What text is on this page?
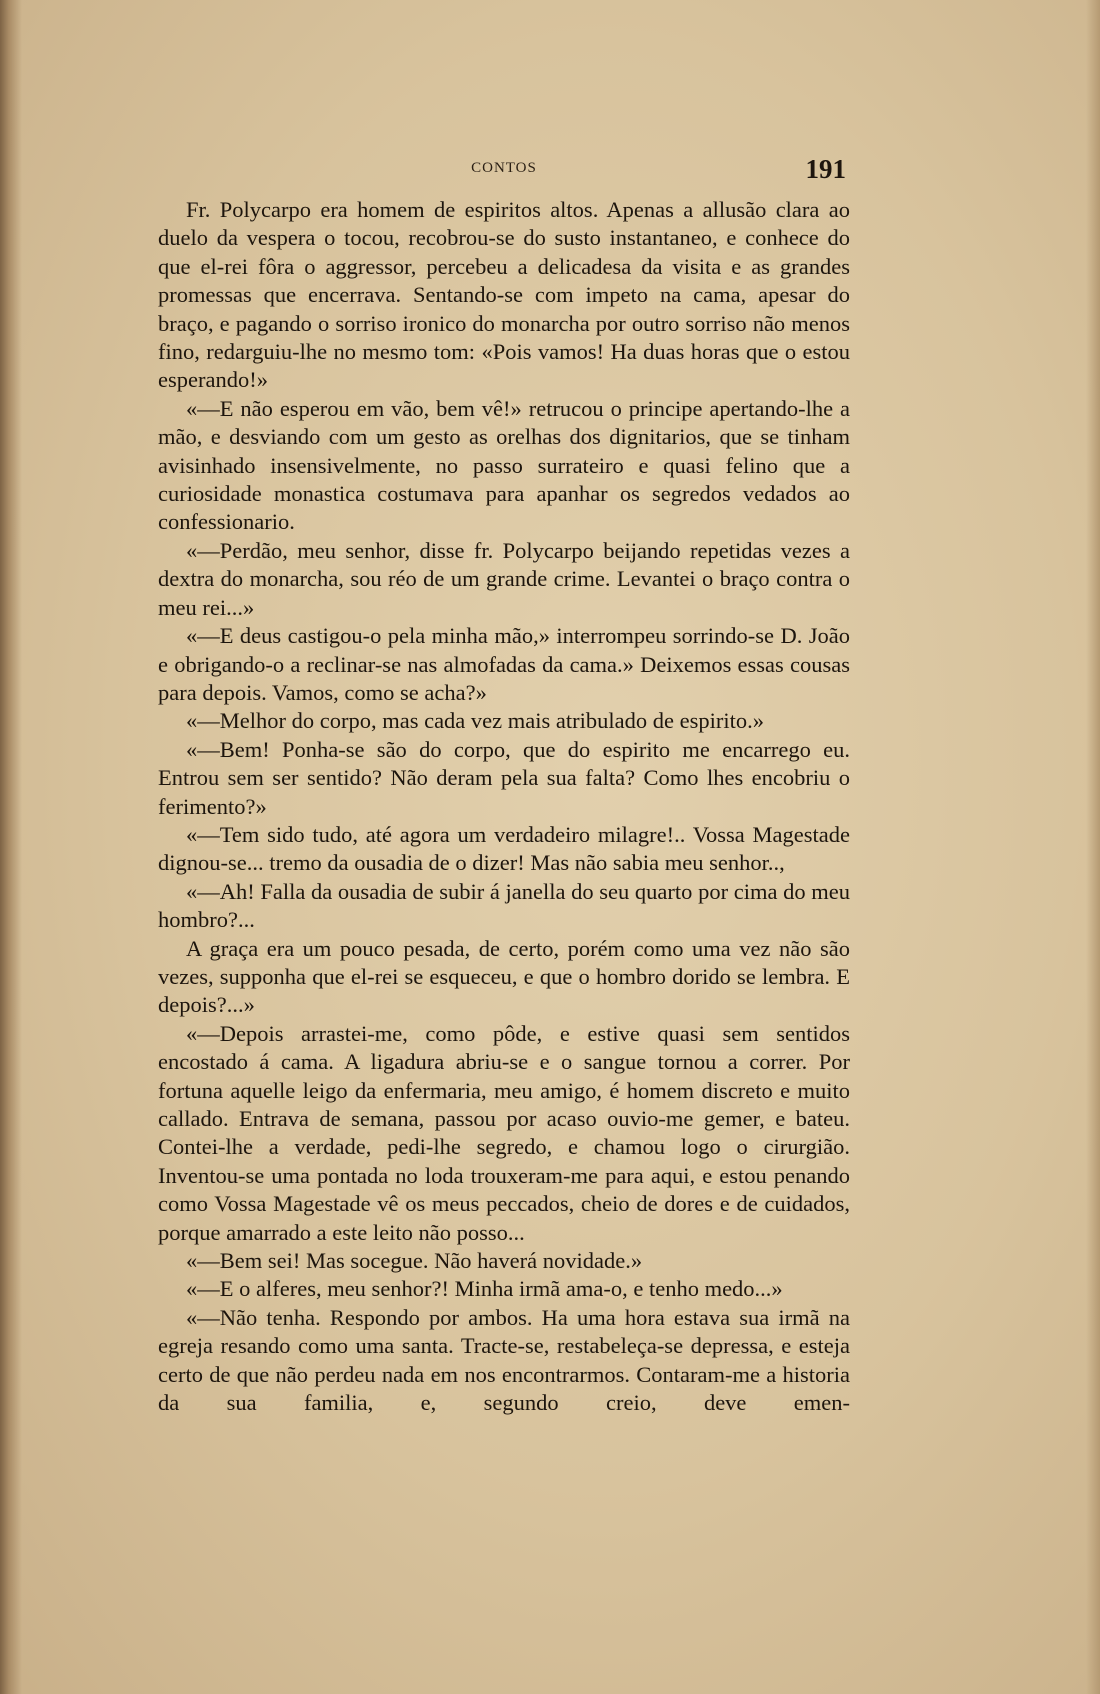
CONTOS	191

Fr. Polycarpo era homem de espiritos altos. Apenas a allusão clara ao duelo da vespera o tocou, recobrou-se do susto instantaneo, e conhece do que el-rei fôra o aggressor, percebeu a delicadesa da visita e as grandes promessas que encerrava. Sentando-se com impeto na cama, apesar do braço, e pagando o sorriso ironico do monarcha por outro sorriso não menos fino, redarguiu-lhe no mesmo tom: «Pois vamos! Ha duas horas que o estou esperando!»

«—E não esperou em vão, bem vê!» retrucou o principe apertando-lhe a mão, e desviando com um gesto as orelhas dos dignitarios, que se tinham avisinhado insensivelmente, no passo surrateiro e quasi felino que a curiosidade monastica costumava para apanhar os segredos vedados ao confessionario.

«—Perdão, meu senhor, disse fr. Polycarpo beijando repetidas vezes a dextra do monarcha, sou réo de um grande crime. Levantei o braço contra o meu rei...»

«—E deus castigou-o pela minha mão,» interrompeu sorrindo-se D. João e obrigando-o a reclinar-se nas almofadas da cama.» Deixemos essas cousas para depois. Vamos, como se acha?»

«—Melhor do corpo, mas cada vez mais atribulado de espirito.»

«—Bem! Ponha-se são do corpo, que do espirito me encarrego eu. Entrou sem ser sentido? Não deram pela sua falta? Como lhes encobriu o ferimento?»

«—Tem sido tudo, até agora um verdadeiro milagre!.. Vossa Magestade dignou-se... tremo da ousadia de o dizer! Mas não sabia meu senhor..,

«—Ah! Falla da ousadia de subir á janella do seu quarto por cima do meu hombro?...

A graça era um pouco pesada, de certo, porém como uma vez não são vezes, supponha que el-rei se esqueceu, e que o hombro dorido se lembra. E depois?...»

«—Depois arrastei-me, como pôde, e estive quasi sem sentidos encostado á cama. A ligadura abriu-se e o sangue tornou a correr. Por fortuna aquelle leigo da enfermaria, meu amigo, é homem discreto e muito callado. Entrava de semana, passou por acaso ouvio-me gemer, e bateu. Contei-lhe a verdade, pedi-lhe segredo, e chamou logo o cirurgião. Inventou-se uma pontada no loda trouxeram-me para aqui, e estou penando como Vossa Magestade vê os meus peccados, cheio de dores e de cuidados, porque amarrado a este leito não posso...

«—Bem sei! Mas socegue. Não haverá novidade.»

«—E o alferes, meu senhor?! Minha irmã ama-o, e tenho medo...»

«—Não tenha. Respondo por ambos. Ha uma hora estava sua irmã na egreja resando como uma santa. Tracte-se, restabeleça-se depressa, e esteja certo de que não perdeu nada em nos encontrarmos. Contaram-me a historia da sua familia, e, segundo creio, deve emen-
